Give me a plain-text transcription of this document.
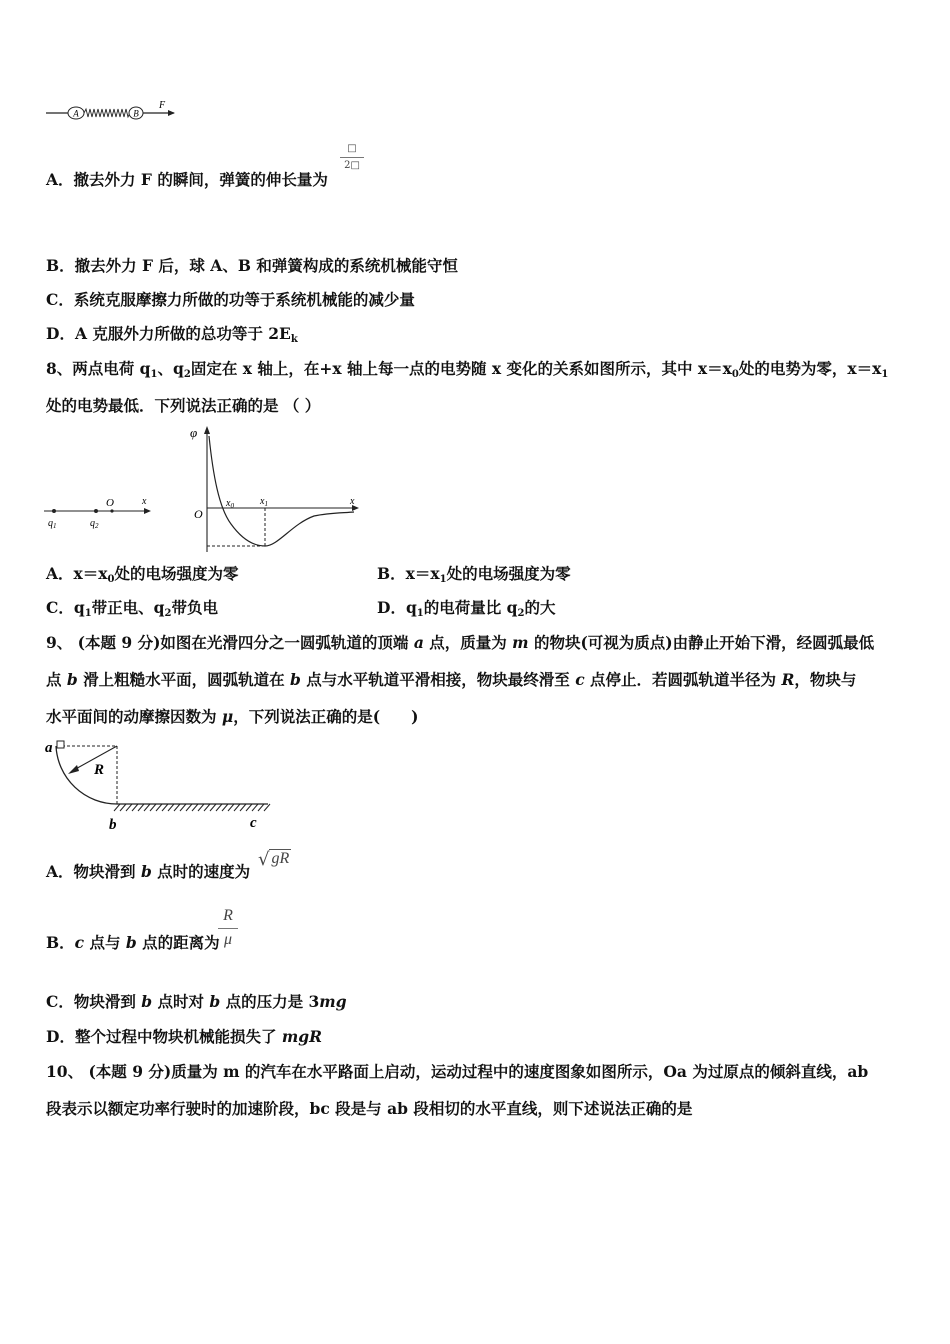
A	B
F
A．撤去外力 F 的瞬间，弹簧的伸长量为
□
2□
B．撤去外力 F 后，球 A、B 和弹簧构成的系统机械能守恒
C．系统克服摩擦力所做的功等于系统机械能的减少量
D．A 克服外力所做的总功等于 $2E_k$
8、两点电荷 $q_1$、$q_2$固定在 x 轴上，在+x 轴上每一点的电势随 x 变化的关系如图所示，其中 $x=x_0$处的电势为零，$x=x_1$
处的电势最低．下列说法正确的是 （ ）
$q_1$	$q_2$
O	x
φ
O
x
$x_0$	$x_1$
A．$x=x_0$处的电场强度为零	B．$x=x_1$处的电场强度为零
C．$q_1$带正电、$q_2$带负电	D．$q_1$的电荷量比 $q_2$的大
9、 (本题 9 分)如图在光滑四分之一圆弧轨道的顶端 a 点，质量为 m 的物块(可视为质点)由静止开始下滑，经圆弧最低
点 b 滑上粗糙水平面，圆弧轨道在 b 点与水平轨道平滑相接，物块最终滑至 c 点停止．若圆弧轨道半径为 R，物块与
水平面间的动摩擦因数为 μ，下列说法正确的是(　　)
a
R
b	c
A．物块滑到 b 点时的速度为
√ gR
B．c 点与 b 点的距离为
R
μ
C．物块滑到 b 点时对 b 点的压力是 3mg
D．整个过程中物块机械能损失了 mgR
10、 (本题 9 分)质量为 m 的汽车在水平路面上启动，运动过程中的速度图象如图所示，Oa 为过原点的倾斜直线，ab
段表示以额定功率行驶时的加速阶段，bc 段是与 ab 段相切的水平直线，则下述说法正确的是
